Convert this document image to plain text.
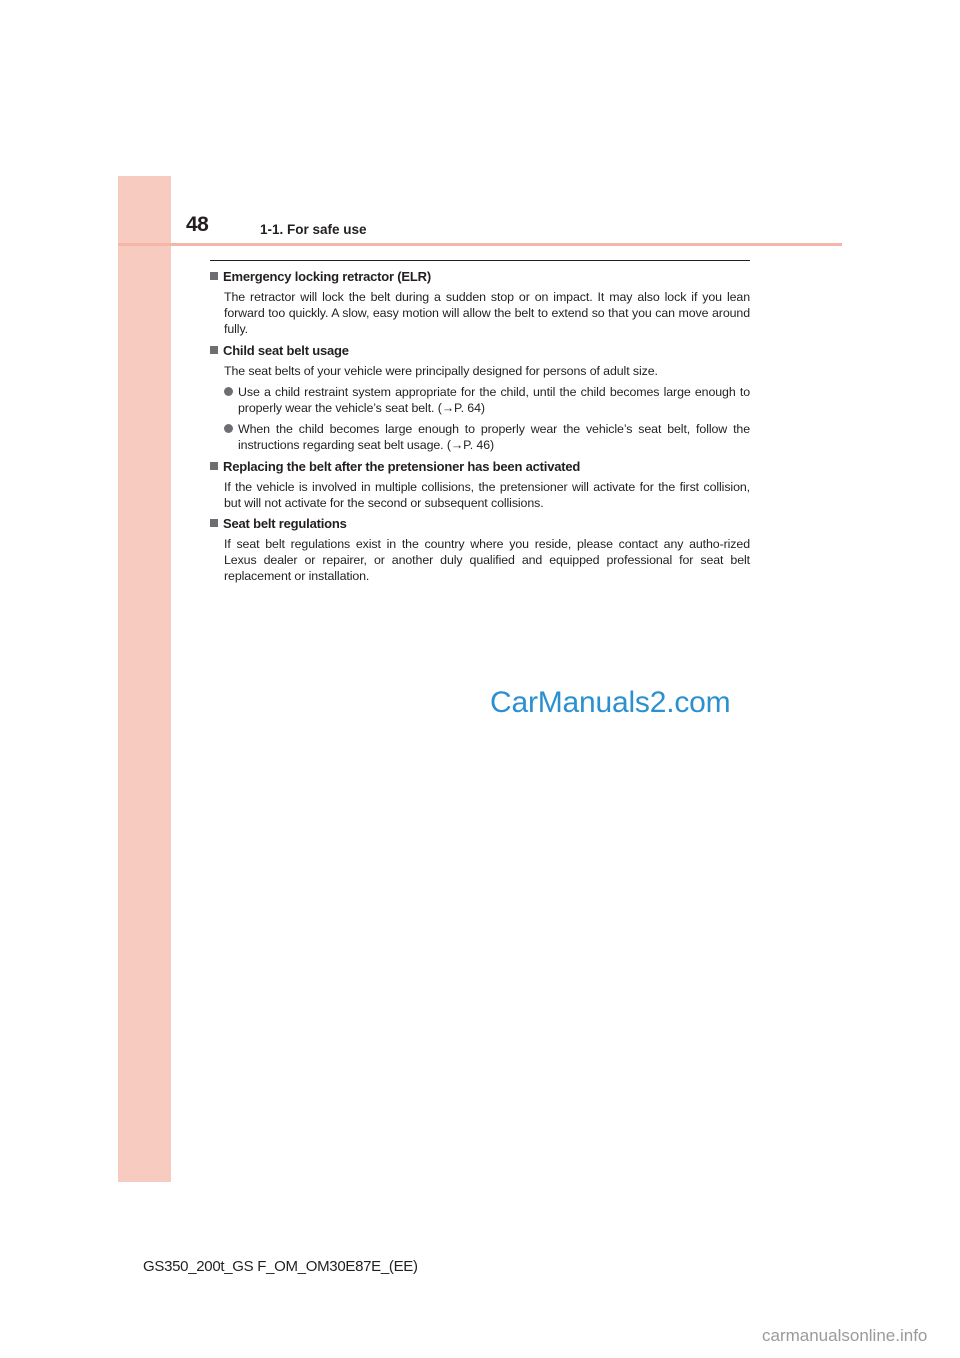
48	1-1. For safe use
Emergency locking retractor (ELR)

The retractor will lock the belt during a sudden stop or on impact. It may also lock if you lean forward too quickly. A slow, easy motion will allow the belt to extend so that you can move around fully.

Child seat belt usage

The seat belts of your vehicle were principally designed for persons of adult size.

Use a child restraint system appropriate for the child, until the child becomes large enough to properly wear the vehicle’s seat belt. (→P. 64)
When the child becomes large enough to properly wear the vehicle’s seat belt, follow the instructions regarding seat belt usage. (→P. 46)
Replacing the belt after the pretensioner has been activated

If the vehicle is involved in multiple collisions, the pretensioner will activate for the first collision, but will not activate for the second or subsequent collisions.

Seat belt regulations

If seat belt regulations exist in the country where you reside, please contact any autho-rized Lexus dealer or repairer, or another duly qualified and equipped professional for seat belt replacement or installation.

CarManuals2.com
GS350_200t_GS F_OM_OM30E87E_(EE)
carmanualsonline.info
